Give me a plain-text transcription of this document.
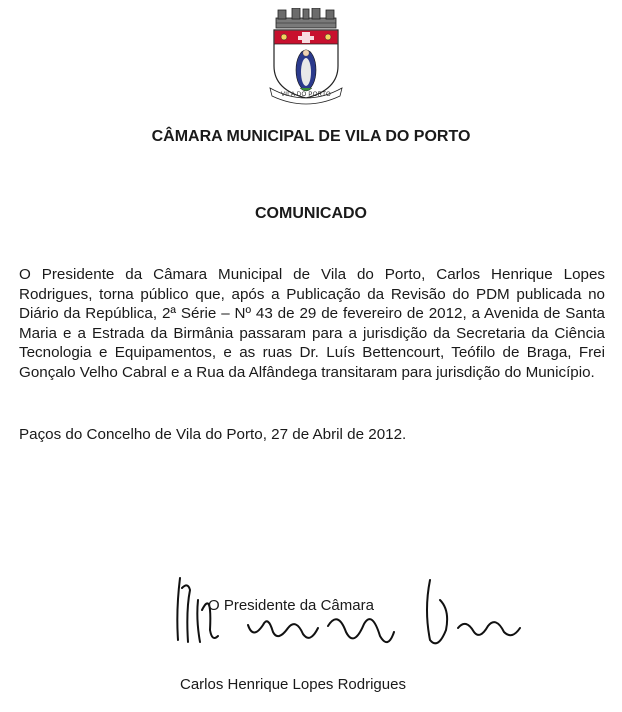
VILA DO PORTO
CÂMARA MUNICIPAL DE VILA DO PORTO
COMUNICADO

O Presidente da Câmara Municipal de Vila do Porto, Carlos Henrique Lopes Rodrigues, torna público que, após a Publicação da Revisão do PDM publicada no Diário da República, 2ª Série – Nº 43 de 29 de fevereiro de 2012, a Avenida de Santa Maria e a Estrada da Birmânia passaram para a jurisdição da Secretaria da Ciência Tecnologia e Equipamentos, e as ruas Dr. Luís Bettencourt, Teófilo de Braga, Frei Gonçalo Velho Cabral e a Rua da Alfândega transitaram para jurisdição do Município.

Paços do Concelho de Vila do Porto, 27 de Abril de 2012.

O Presidente da Câmara

Carlos Henrique Lopes Rodrigues
